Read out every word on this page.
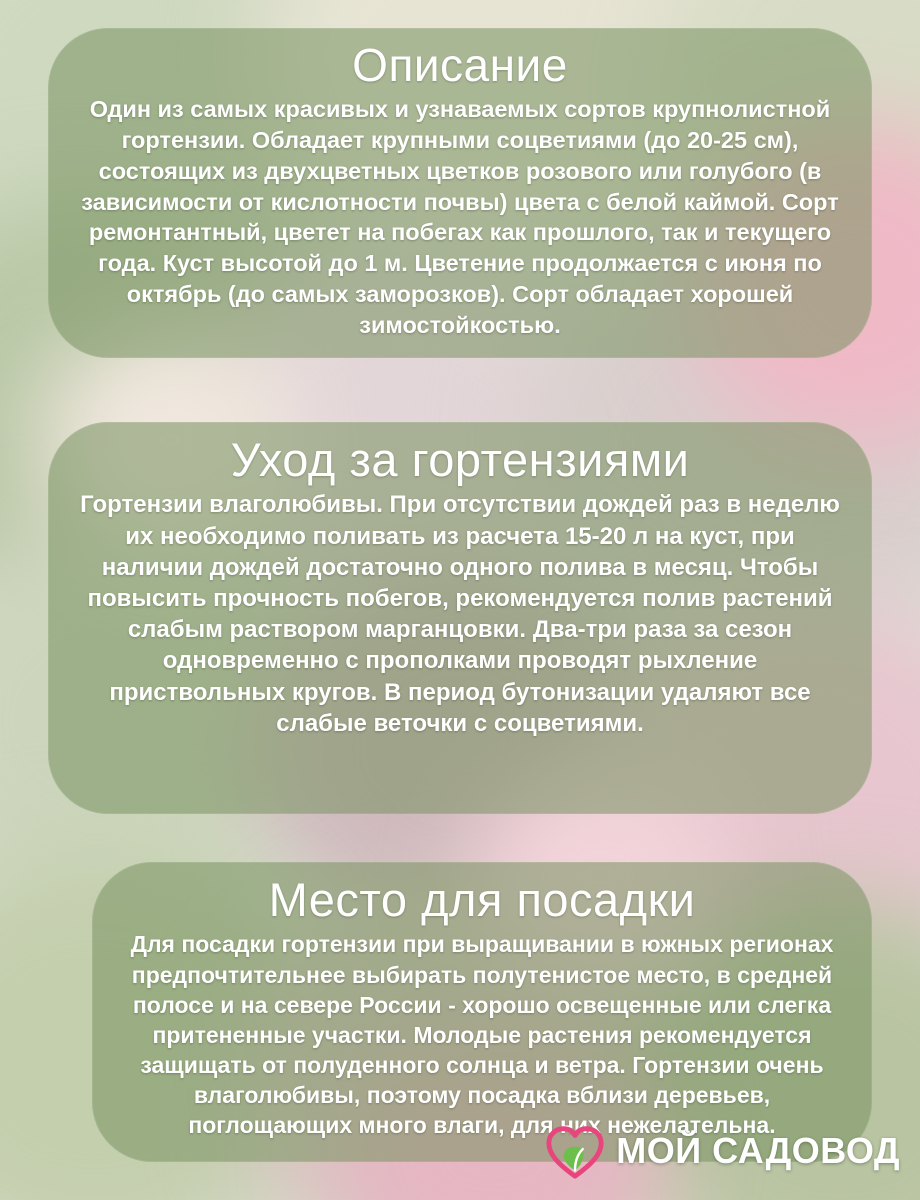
Описание

Один из самых красивых и узнаваемых сортов крупнолистной гортензии. Обладает крупными соцветиями (до 20-25 см), состоящих из двухцветных цветков розового или голубого (в зависимости от кислотности почвы) цвета с белой каймой. Сорт ремонтантный, цветет на побегах как прошлого, так и текущего года. Куст высотой до 1 м. Цветение продолжается с июня по октябрь (до самых заморозков). Сорт обладает хорошей зимостойкостью.

Уход за гортензиями

Гортензии влаголюбивы. При отсутствии дождей раз в неделю их необходимо поливать из расчета 15-20 л на куст, при наличии дождей достаточно одного полива в месяц. Чтобы повысить прочность побегов, рекомендуется полив растений слабым раствором марганцовки. Два-три раза за сезон одновременно с прополками проводят рыхление приствольных кругов. В период бутонизации удаляют все слабые веточки с соцветиями.

Место для посадки

Для посадки гортензии при выращивании в южных регионах предпочтительнее выбирать полутенистое место, в средней полосе и на севере России - хорошо освещенные или слегка притененные участки. Молодые растения рекомендуется защищать от полуденного солнца и ветра. Гортензии очень влаголюбивы, поэтому посадка вблизи деревьев, поглощающих много влаги, для них нежелательна.

МОЙ САДОВОД
